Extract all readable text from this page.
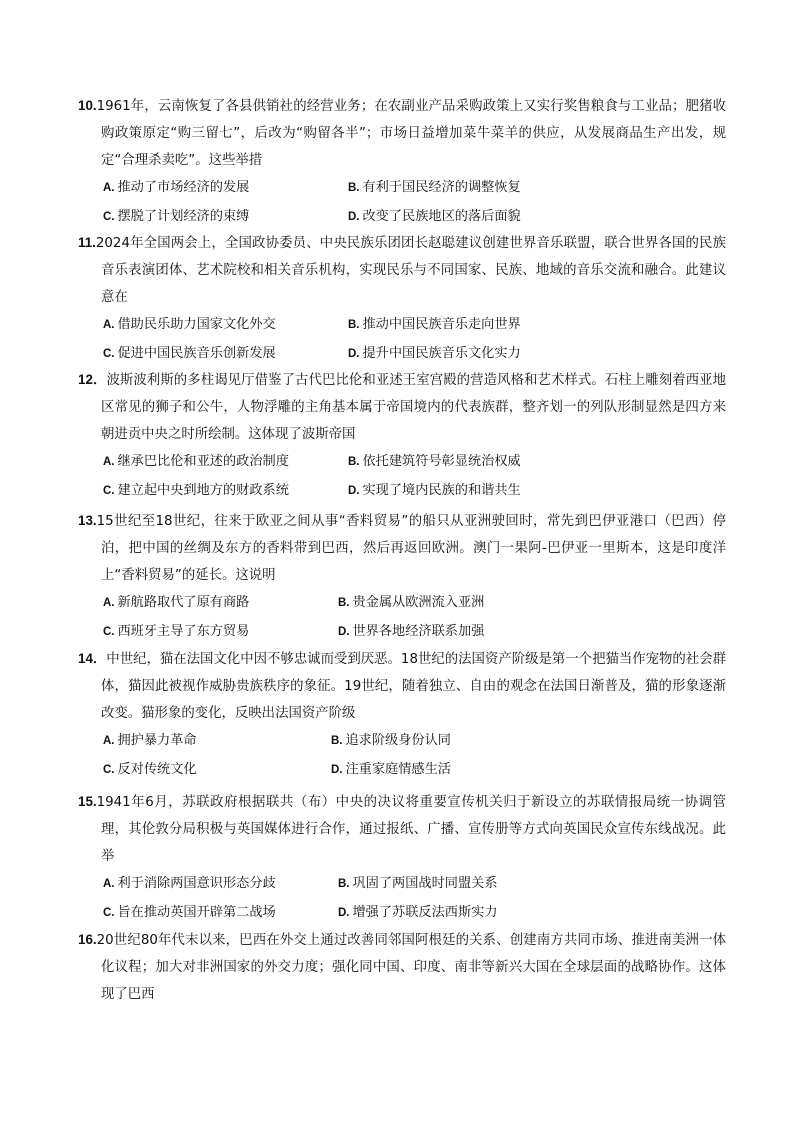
10.1961年，云南恢复了各县供销社的经营业务；在农副业产品采购政策上又实行奖售粮食与工业品；肥猪收购政策原定“购三留七”，后改为“购留各半”；市场日益增加菜牛菜羊的供应，从发展商品生产出发，规定“合理杀卖吃”。这些举措
A. 推动了市场经济的发展	B. 有利于国民经济的调整恢复
C. 摆脱了计划经济的束缚	D. 改变了民族地区的落后面貌
11.2024年全国两会上，全国政协委员、中央民族乐团团长赵聪建议创建世界音乐联盟，联合世界各国的民族音乐表演团体、艺术院校和相关音乐机构，实现民乐与不同国家、民族、地域的音乐交流和融合。此建议意在
A. 借助民乐助力国家文化外交	B. 推动中国民族音乐走向世界
C. 促进中国民族音乐创新发展	D. 提升中国民族音乐文化实力
12．波斯波利斯的多柱谒见厅借鉴了古代巴比伦和亚述王室宫殿的营造风格和艺术样式。石柱上雕刻着西亚地区常见的狮子和公牛，人物浮雕的主角基本属于帝国境内的代表族群，整齐划一的列队形制显然是四方来朝进贡中央之时所绘制。这体现了波斯帝国
A. 继承巴比伦和亚述的政治制度	B. 依托建筑符号彰显统治权威
C. 建立起中央到地方的财政系统	D. 实现了境内民族的和谐共生
13.15世纪至18世纪，往来于欧亚之间从事“香料贸易”的船只从亚洲驶回时，常先到巴伊亚港口（巴西）停泊，把中国的丝绸及东方的香料带到巴西，然后再返回欧洲。澳门一果阿-巴伊亚一里斯本，这是印度洋上“香料贸易”的延长。这说明
A. 新航路取代了原有商路	B. 贵金属从欧洲流入亚洲
C. 西班牙主导了东方贸易	D. 世界各地经济联系加强
14．中世纪，猫在法国文化中因不够忠诚而受到厌恶。18世纪的法国资产阶级是第一个把猫当作宠物的社会群体，猫因此被视作威胁贵族秩序的象征。19世纪，随着独立、自由的观念在法国日渐普及，猫的形象逐渐改变。猫形象的变化，反映出法国资产阶级
A. 拥护暴力革命	B. 追求阶级身份认同
C. 反对传统文化	D. 注重家庭情感生活
15.1941年6月，苏联政府根据联共（布）中央的决议将重要宣传机关归于新设立的苏联情报局统一协调管理，其伦敦分局积极与英国媒体进行合作，通过报纸、广播、宣传册等方式向英国民众宣传东线战况。此举
A. 利于消除两国意识形态分歧	B. 巩固了两国战时同盟关系
C. 旨在推动英国开辟第二战场	D. 增强了苏联反法西斯实力
16.20世纪80年代末以来，巴西在外交上通过改善同邻国阿根廷的关系、创建南方共同市场、推进南美洲一体化议程；加大对非洲国家的外交力度；强化同中国、印度、南非等新兴大国在全球层面的战略协作。这体现了巴西
